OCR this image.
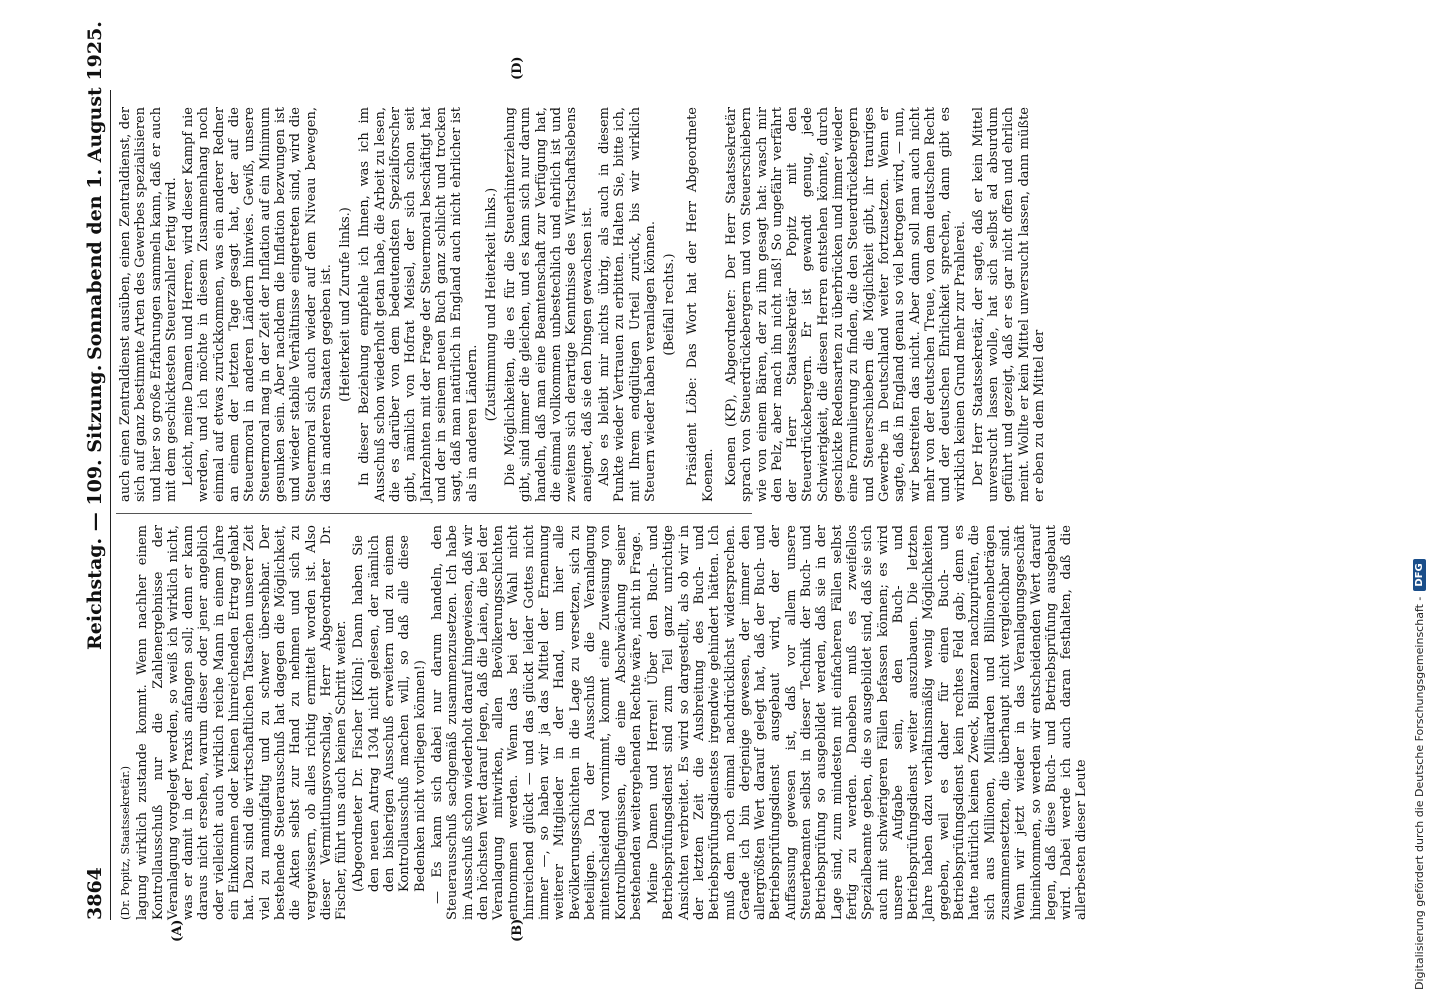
3864
Reichstag. — 109. Sitzung.
Sonnabend den 1. August 1925.
(A)	(B)
(D)

(Dr. Popitz, Staatssekretär.) lagung wirklich zustande kommt. Wenn nachher einem Kontrollausschuß nur die Zahlenergebnisse der Veranlagung vorgelegt werden, so weiß ich wirklich nicht, was er damit in der Praxis anfangen soll; denn er kann daraus nicht ersehen, warum dieser oder jener angeblich oder vielleicht auch wirklich reiche Mann in einem Jahre ein Einkommen oder keinen hinreichenden Ertrag gehabt hat. Dazu sind die wirtschaftlichen Tatsachen unserer Zeit viel zu mannigfaltig und zu schwer übersehbar. Der bestehende Steuerausschuß hat dagegen die Möglichkeit, die Akten selbst zur Hand zu nehmen und sich zu vergewissern, ob alles richtig ermittelt worden ist. Also dieser Vermittlungsvorschlag, Herr Abgeordneter Dr. Fischer, führt uns auch keinen Schritt weiter. (Abgeordneter Dr. Fischer [Köln]: Dann haben Sie den neuen Antrag 1304 nicht gelesen, der nämlich den bisherigen Ausschuß erweitern und zu einem Kontrollausschuß machen will, so daß alle diese Bedenken nicht vorliegen können!) — Es kann sich dabei nur darum handeln, den Steuerausschuß sachgemäß zusammenzusetzen. Ich habe im Ausschuß schon wiederholt darauf hingewiesen, daß wir den höchsten Wert darauf legen, daß die Laien, die bei der Veranlagung mitwirken, allen Bevölkerungsschichten entnommen werden. Wenn das bei der Wahl nicht hinreichend glückt — und das glückt leider Gottes nicht immer —, so haben wir ja das Mittel der Ernennung weiterer Mitglieder in der Hand, um hier alle Bevölkerungsschichten in die Lage zu versetzen, sich zu beteiligen. Da der Ausschuß die Veranlagung mitentscheidend vornimmt, kommt eine Zuweisung von Kontrollbefugnissen, die eine Abschwächung seiner bestehenden weitergehenden Rechte wäre, nicht in Frage. Meine Damen und Herren! Über den Buch- und Betriebsprüfungsdienst sind zum Teil ganz unrichtige Ansichten verbreitet. Es wird so dargestellt, als ob wir in der letzten Zeit die Ausbreitung des Buch- und Betriebsprüfungsdienstes irgendwie gehindert hätten. Ich muß dem noch einmal nachdrücklichst widersprechen. Gerade ich bin derjenige gewesen, der immer den allergrößten Wert darauf gelegt hat, daß der Buch- und Betriebsprüfungsdienst ausgebaut wird, der der Auffassung gewesen ist, daß vor allem unsere Steuerbeamten selbst in dieser Technik der Buch- und Betriebsprüfung so ausgebildet werden, daß sie in der Lage sind, zum mindesten mit einfacheren Fällen selbst fertig zu werden. Daneben muß es zweifellos Spezialbeamte geben, die so ausgebildet sind, daß sie sich auch mit schwierigeren Fällen befassen können; es wird unsere Aufgabe sein, den Buch- und Betriebsprüfungsdienst weiter auszubauen. Die letzten Jahre haben dazu verhältnismäßig wenig Möglichkeiten gegeben, weil es daher für einen Buch- und Betriebsprüfungsdienst kein rechtes Feld gab; denn es hatte natürlich keinen Zweck, Bilanzen nachzuprüfen, die sich aus Millionen, Milliarden und Billionenbeträgen zusammensetzten, die überhaupt nicht vergleichbar sind. Wenn wir jetzt wieder in das Veranlagungsgeschäft hineinkommen, so werden wir entscheidenden Wert darauf legen, daß diese Buch- und Betriebsprüfung ausgebaut wird. Dabei werde ich auch daran festhalten, daß die allerbesten dieser Leute

auch einen Zentraldienst ausüben, einen Zentraldienst, der sich auf ganz bestimmte Arten des Gewerbes spezialisieren und hier so große Erfahrungen sammeln kann, daß er auch mit dem geschicktesten Steuerzahler fertig wird. Leicht, meine Damen und Herren, wird dieser Kampf nie werden, und ich möchte in diesem Zusammenhang noch einmal auf etwas zurückkommen, was ein anderer Redner an einem der letzten Tage gesagt hat, der auf die Steuermoral in anderen Ländern hinwies. Gewiß, unsere Steuermoral mag in der Zeit der Inflation auf ein Minimum gesunken sein. Aber nachdem die Inflation bezwungen ist und wieder stabile Verhältnisse eingetreten sind, wird die Steuermoral sich auch wieder auf dem Niveau bewegen, das in anderen Staaten gegeben ist. (Heiterkeit und Zurufe links.) In dieser Beziehung empfehle ich Ihnen, was ich im Ausschuß schon wiederholt getan habe, die Arbeit zu lesen, die es darüber von dem bedeutendsten Spezialforscher gibt, nämlich von Hofrat Meisel, der sich schon seit Jahrzehnten mit der Frage der Steuermoral beschäftigt hat und der in seinem neuen Buch ganz schlicht und trocken sagt, daß man natürlich in England auch nicht ehrlicher ist als in anderen Ländern.

(Zustimmung und Heiterkeit links.) Die Möglichkeiten, die es für die Steuerhinterziehung gibt, sind immer die gleichen, und es kann sich nur darum handeln, daß man eine Beamtenschaft zur Verfügung hat, die einmal vollkommen unbestechlich und ehrlich ist und zweitens sich derartige Kenntnisse des Wirtschaftslebens aneignet, daß sie den Dingen gewachsen ist. Also es bleibt mir nichts übrig, als auch in diesem Punkte wieder Vertrauen zu erbitten. Halten Sie, bitte ich, mit Ihrem endgültigen Urteil zurück, bis wir wirklich Steuern wieder haben veranlagen können. (Beifall rechts.) Präsident Löbe: Das Wort hat der Herr Abgeordnete Koenen. Koenen (KP), Abgeordneter: Der Herr Staatssekretär sprach von Steuerdrückebergern und von Steuerschiebern wie von einem Bären, der zu ihm gesagt hat: wasch mir den Pelz, aber mach ihn nicht naß! So ungefähr verfährt der Herr Staatssekretär Popitz mit den Steuerdrückebergern. Er ist gewandt genug, jede Schwierigkeit, die diesen Herren entstehen könnte, durch geschickte Redensarten zu überbrücken und immer wieder eine Formulierung zu finden, die den Steuerdrückebergern und Steuerschiebern die Möglichkeit gibt, ihr trauriges Gewerbe in Deutschland weiter fortzusetzen. Wenn er sagte, daß in England genau so viel betrogen wird, — nun, wir bestreiten das nicht. Aber dann soll man auch nicht mehr von der deutschen Treue, von dem deutschen Recht und der deutschen Ehrlichkeit sprechen, dann gibt es wirklich keinen Grund mehr zur Prahlerei. Der Herr Staatssekretär, der sagte, daß er kein Mittel unversucht lassen wolle, hat sich selbst ad absurdum geführt und gezeigt, daß er es gar nicht offen und ehrlich meint. Wollte er kein Mittel unversucht lassen, dann müßte er eben zu dem Mittel der

Digitalisierung gefördert durch die Deutsche Forschungsgemeinschaft -
DFG
